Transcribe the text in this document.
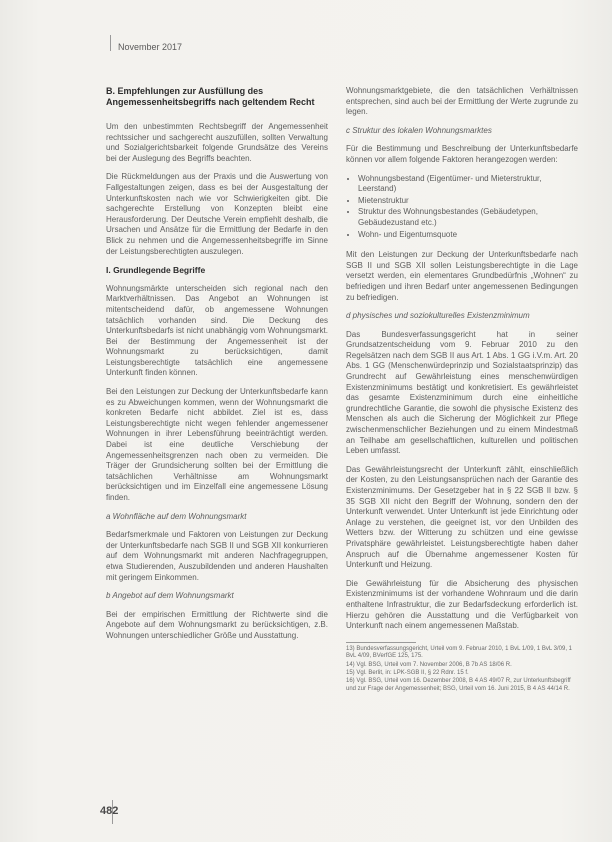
November 2017
B. Empfehlungen zur Ausfüllung des Angemessenheitsbegriffs nach geltendem Recht

Um den unbestimmten Rechtsbegriff der Angemessenheit rechtssicher und sachgerecht auszufüllen, sollten Verwaltung und Sozialgerichtsbarkeit folgende Grundsätze des Vereins bei der Auslegung des Begriffs beachten.

Die Rückmeldungen aus der Praxis und die Auswertung von Fallgestaltungen zeigen, dass es bei der Ausgestaltung der Unterkunftskosten nach wie vor Schwierigkeiten gibt. Die sachgerechte Erstellung von Konzepten bleibt eine Herausforderung. Der Deutsche Verein empfiehlt deshalb, die Ursachen und Ansätze für die Ermittlung der Bedarfe in den Blick zu nehmen und die Angemessenheitsbegriffe im Sinne der Leistungsberechtigten auszulegen.

I. Grundlegende Begriffe

Wohnungsmärkte unterscheiden sich regional nach den Marktverhältnissen. Das Angebot an Wohnungen ist mitentscheidend dafür, ob angemessene Wohnungen tatsächlich vorhanden sind. Die Deckung des Unterkunftsbedarfs ist nicht unabhängig vom Wohnungsmarkt. Bei der Bestimmung der Angemessenheit ist der Wohnungsmarkt zu berücksichtigen, damit Leistungsberechtigte tatsächlich eine angemessene Unterkunft finden können.

Bei den Leistungen zur Deckung der Unterkunftsbedarfe kann es zu Abweichungen kommen, wenn der Wohnungsmarkt die konkreten Bedarfe nicht abbildet. Ziel ist es, dass Leistungsberechtigte nicht wegen fehlender angemessener Wohnungen in ihrer Lebensführung beeinträchtigt werden. Dabei ist eine deutliche Verschiebung der Angemessenheitsgrenzen nach oben zu vermeiden. Die Träger der Grundsicherung sollten bei der Ermittlung die tatsächlichen Verhältnisse am Wohnungsmarkt berücksichtigen und im Einzelfall eine angemessene Lösung finden.

a Wohnfläche auf dem Wohnungsmarkt

Bedarfsmerkmale und Faktoren von Leistungen zur Deckung der Unterkunftsbedarfe nach SGB II und SGB XII konkurrieren auf dem Wohnungsmarkt mit anderen Nachfragegruppen, etwa Studierenden, Auszubildenden und anderen Haushalten mit geringem Einkommen.

b Angebot auf dem Wohnungsmarkt

Bei der empirischen Ermittlung der Richtwerte sind die Angebote auf dem Wohnungsmarkt zu berücksichtigen, z.B. Wohnungen unterschiedlicher Größe und Ausstattung.

Wohnungsmarktgebiete, die den tatsächlichen Verhältnissen entsprechen, sind auch bei der Ermittlung der Werte zugrunde zu legen.

c Struktur des lokalen Wohnungsmarktes

Für die Bestimmung und Beschreibung der Unterkunftsbedarfe können vor allem folgende Faktoren herangezogen werden:

• Wohnungsbestand (Eigentümer- und Mieterstruktur, Leerstand)
• Mietenstruktur
• Struktur des Wohnungsbestandes (Gebäudetypen, Gebäudezustand etc.)
• Wohn- und Eigentumsquote

Mit den Leistungen zur Deckung der Unterkunftsbedarfe nach SGB II und SGB XII sollen Leistungsberechtigte in die Lage versetzt werden, ein elementares Grundbedürfnis „Wohnen“ zu befriedigen und ihren Bedarf unter angemessenen Bedingungen zu befriedigen.

d physisches und soziokulturelles Existenzminimum

Das Bundesverfassungsgericht hat in seiner Grundsatzentscheidung vom 9. Februar 2010 zu den Regelsätzen nach dem SGB II aus Art. 1 Abs. 1 GG i.V.m. Art. 20 Abs. 1 GG (Menschenwürdeprinzip und Sozialstaatsprinzip) das Grundrecht auf Gewährleistung eines menschenwürdigen Existenzminimums bestätigt und konkretisiert. Es gewährleistet das gesamte Existenzminimum durch eine einheitliche grundrechtliche Garantie, die sowohl die physische Existenz des Menschen als auch die Sicherung der Möglichkeit zur Pflege zwischenmenschlicher Beziehungen und zu einem Mindestmaß an Teilhabe am gesellschaftlichen, kulturellen und politischen Leben umfasst.

Das Gewährleistungsrecht der Unterkunft zählt, einschließlich der Kosten, zu den Leistungsansprüchen nach der Garantie des Existenzminimums. Der Gesetzgeber hat in § 22 SGB II bzw. § 35 SGB XII nicht den Begriff der Wohnung, sondern den der Unterkunft verwendet. Unter Unterkunft ist jede Einrichtung oder Anlage zu verstehen, die geeignet ist, vor den Unbilden des Wetters bzw. der Witterung zu schützen und eine gewisse Privatsphäre gewährleistet. Leistungsberechtigte haben daher Anspruch auf die Übernahme angemessener Kosten für Unterkunft und Heizung.

Die Gewährleistung für die Absicherung des physischen Existenzminimums ist der vorhandene Wohnraum und die darin enthaltene Infrastruktur, die zur Bedarfsdeckung erforderlich ist. Hierzu gehören die Ausstattung und die Verfügbarkeit von Unterkunft nach einem angemessenen Maßstab.

13) Bundesverfassungsgericht, Urteil vom 9. Februar 2010, 1 BvL 1/09, 1 BvL 3/09, 1 BvL 4/09, BVerfGE 125, 175.
14) Vgl. BSG, Urteil vom 7. November 2006, B 7b AS 18/06 R.
15) Vgl. Berlit, in: LPK-SGB II, § 22 Rdnr. 15 f.
16) Vgl. BSG, Urteil vom 16. Dezember 2008, B 4 AS 49/07 R, zur Unterkunftsbegriff und zur Frage der Angemessenheit; BSG, Urteil vom 16. Juni 2015, B 4 AS 44/14 R.
482
